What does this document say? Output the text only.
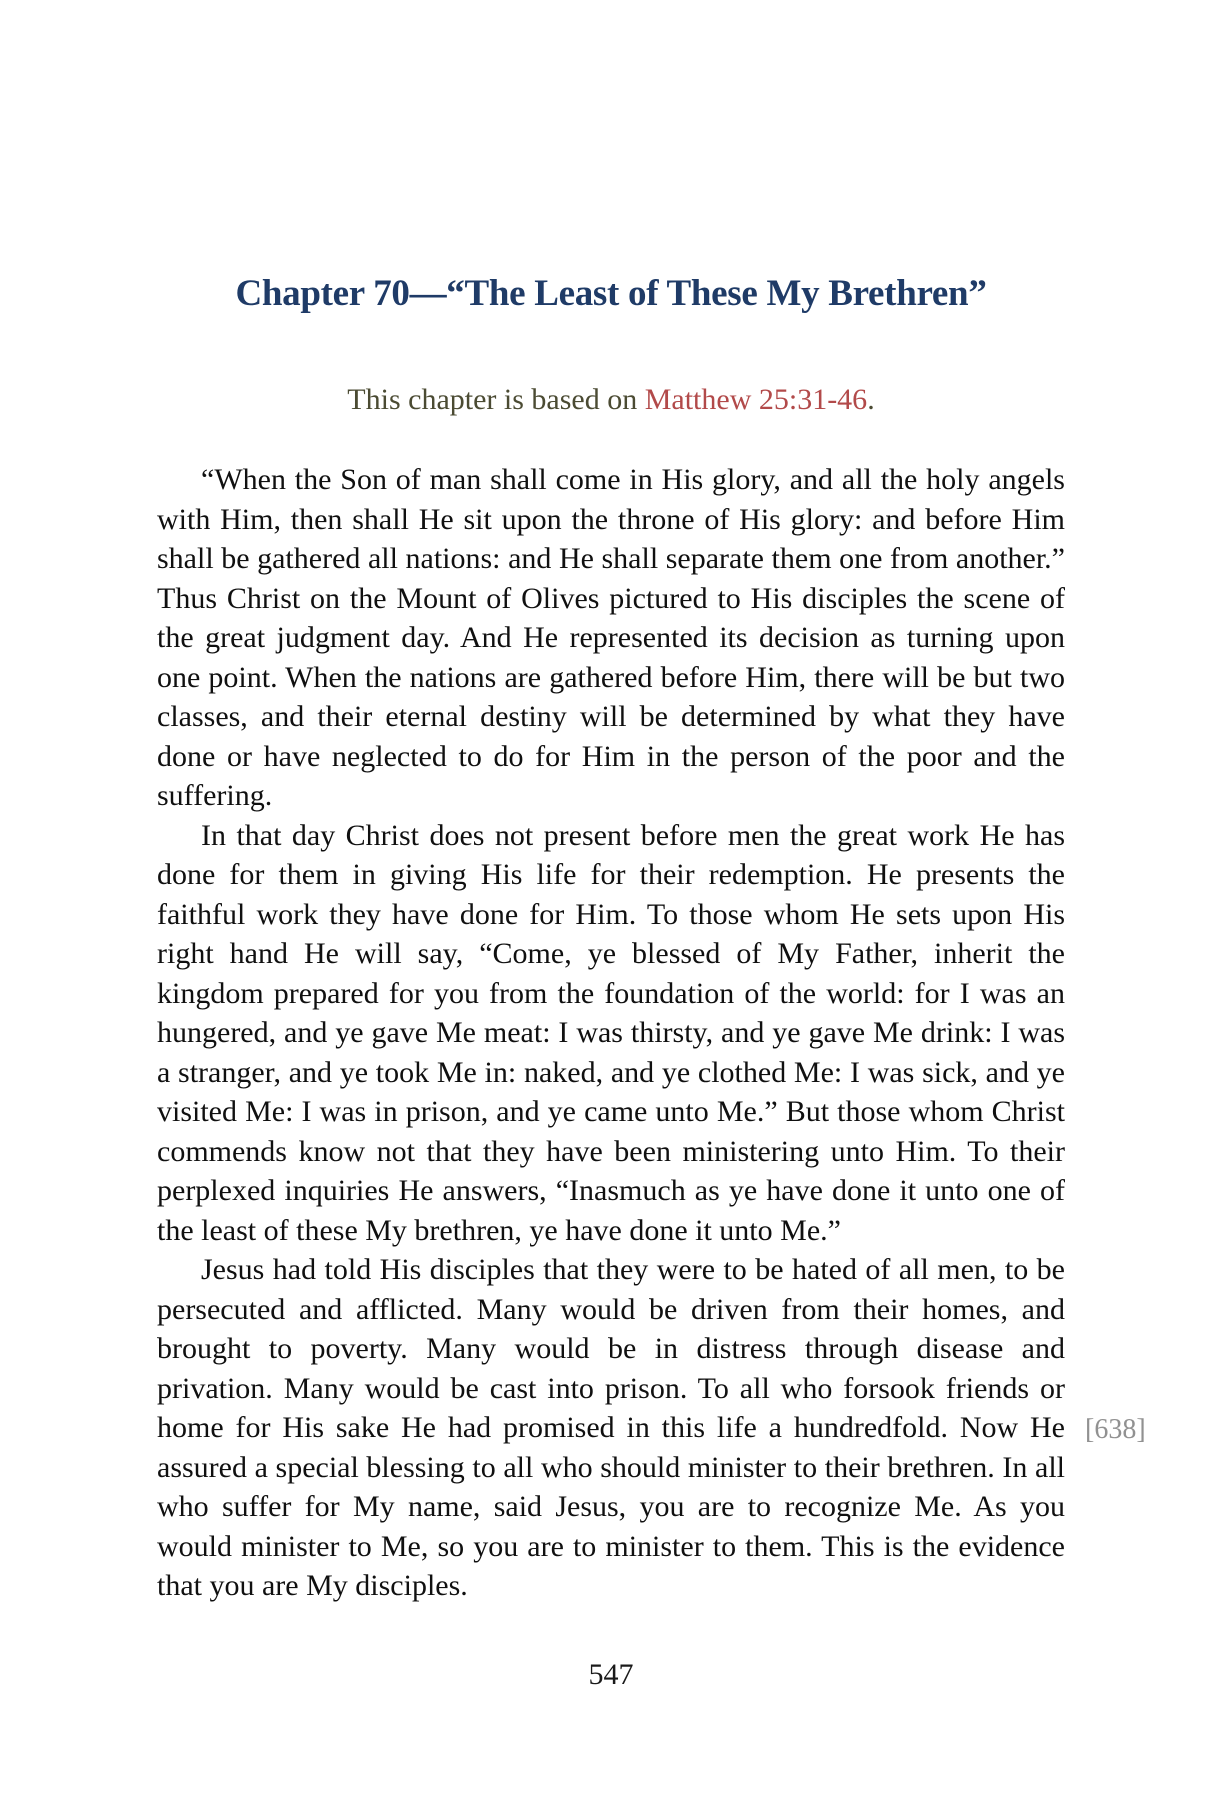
Chapter 70—“The Least of These My Brethren”
This chapter is based on Matthew 25:31-46.

“When the Son of man shall come in His glory, and all the holy angels with Him, then shall He sit upon the throne of His glory: and before Him shall be gathered all nations: and He shall separate them one from another.” Thus Christ on the Mount of Olives pictured to His disciples the scene of the great judgment day. And He represented its decision as turning upon one point. When the nations are gathered before Him, there will be but two classes, and their eternal destiny will be determined by what they have done or have neglected to do for Him in the person of the poor and the suffering.

In that day Christ does not present before men the great work He has done for them in giving His life for their redemption. He presents the faithful work they have done for Him. To those whom He sets upon His right hand He will say, “Come, ye blessed of My Father, inherit the kingdom prepared for you from the foundation of the world: for I was an hungered, and ye gave Me meat: I was thirsty, and ye gave Me drink: I was a stranger, and ye took Me in: naked, and ye clothed Me: I was sick, and ye visited Me: I was in prison, and ye came unto Me.” But those whom Christ commends know not that they have been ministering unto Him. To their perplexed inquiries He answers, “Inasmuch as ye have done it unto one of the least of these My brethren, ye have done it unto Me.”

Jesus had told His disciples that they were to be hated of all men, to be persecuted and afflicted. Many would be driven from their homes, and brought to poverty. Many would be in distress through disease and privation. Many would be cast into prison. To all who forsook friends or home for His sake He had promised in this life a hundredfold. Now He assured a special blessing to all who should minister to their brethren. In all who suffer for My name, said Jesus, you are to recognize Me. As you would minister to Me, so you are to minister to them. This is the evidence that you are My disciples.

[638]
547
